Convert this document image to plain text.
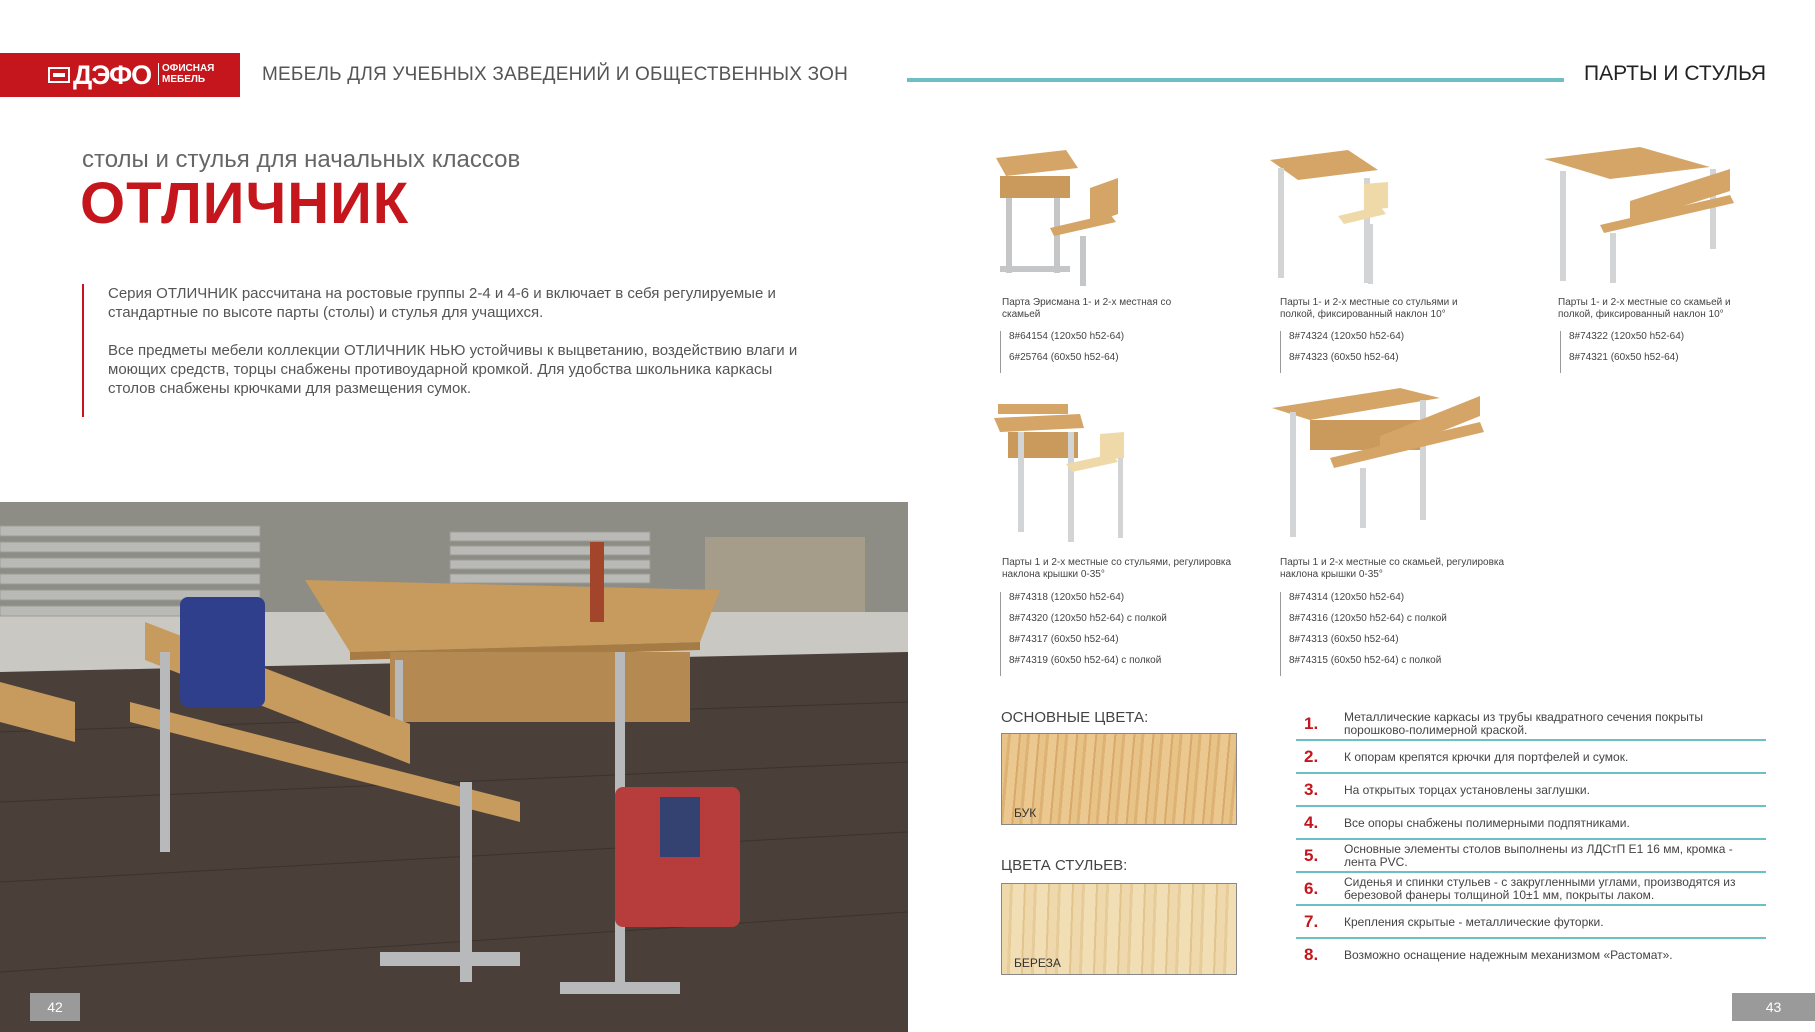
ДЭФО	ОФИСНАЯ МЕБЕЛЬ	МЕБЕЛЬ ДЛЯ УЧЕБНЫХ ЗАВЕДЕНИЙ И ОБЩЕСТВЕННЫХ ЗОН	ПАРТЫ И СТУЛЬЯ
столы и стулья для начальных классов
ОТЛИЧНИК

Серия ОТЛИЧНИК рассчитана на ростовые группы 2-4 и 4-6 и включает в себя регулируемые и стандартные по высоте парты (столы) и стулья для учащихся.

Все предметы мебели коллекции ОТЛИЧНИК НЬЮ устойчивы к выцветанию, воздействию влаги и моющих средств, торцы снабжены противоударной кромкой. Для удобства школьника каркасы столов снабжены крючками для размещения сумок.

42	43
Парта Эрисмана 1- и 2-х местная со скамьей
8#64154 (120x50 h52-64)
6#25764 (60x50 h52-64)
Парты 1- и 2-х местные со стульями и полкой, фиксированный наклон 10°
8#74324 (120x50 h52-64)
8#74323 (60x50 h52-64)
Парты 1- и 2-х местные со скамьей и полкой, фиксированный наклон 10°
8#74322 (120x50 h52-64)
8#74321 (60x50 h52-64)
Парты 1 и 2-х местные со стульями, регулировка наклона крышки 0-35°
8#74318 (120x50 h52-64)
8#74320 (120x50 h52-64) с полкой
8#74317 (60x50 h52-64)
8#74319 (60x50 h52-64) с полкой
Парты 1 и 2-х местные со скамьей, регулировка наклона крышки 0-35°
8#74314 (120x50 h52-64)
8#74316 (120x50 h52-64) с полкой
8#74313 (60x50 h52-64)
8#74315 (60x50 h52-64) с полкой
ОСНОВНЫЕ ЦВЕТА:
БУК
ЦВЕТА СТУЛЬЕВ:
БЕРЕЗА
1. Металлические каркасы из трубы квадратного сечения покрыты порошково-полимерной краской.
2. К опорам крепятся крючки для портфелей и сумок.
3. На открытых торцах установлены заглушки.
4. Все опоры снабжены полимерными подпятниками.
5. Основные элементы столов выполнены из ЛДСтП Е1 16 мм, кромка - лента PVC.
6. Сиденья и спинки стульев - с закругленными углами, производятся из березовой фанеры толщиной 10±1 мм, покрыты лаком.
7. Крепления скрытые - металлические футорки.
8. Возможно оснащение надежным механизмом «Растомат».
